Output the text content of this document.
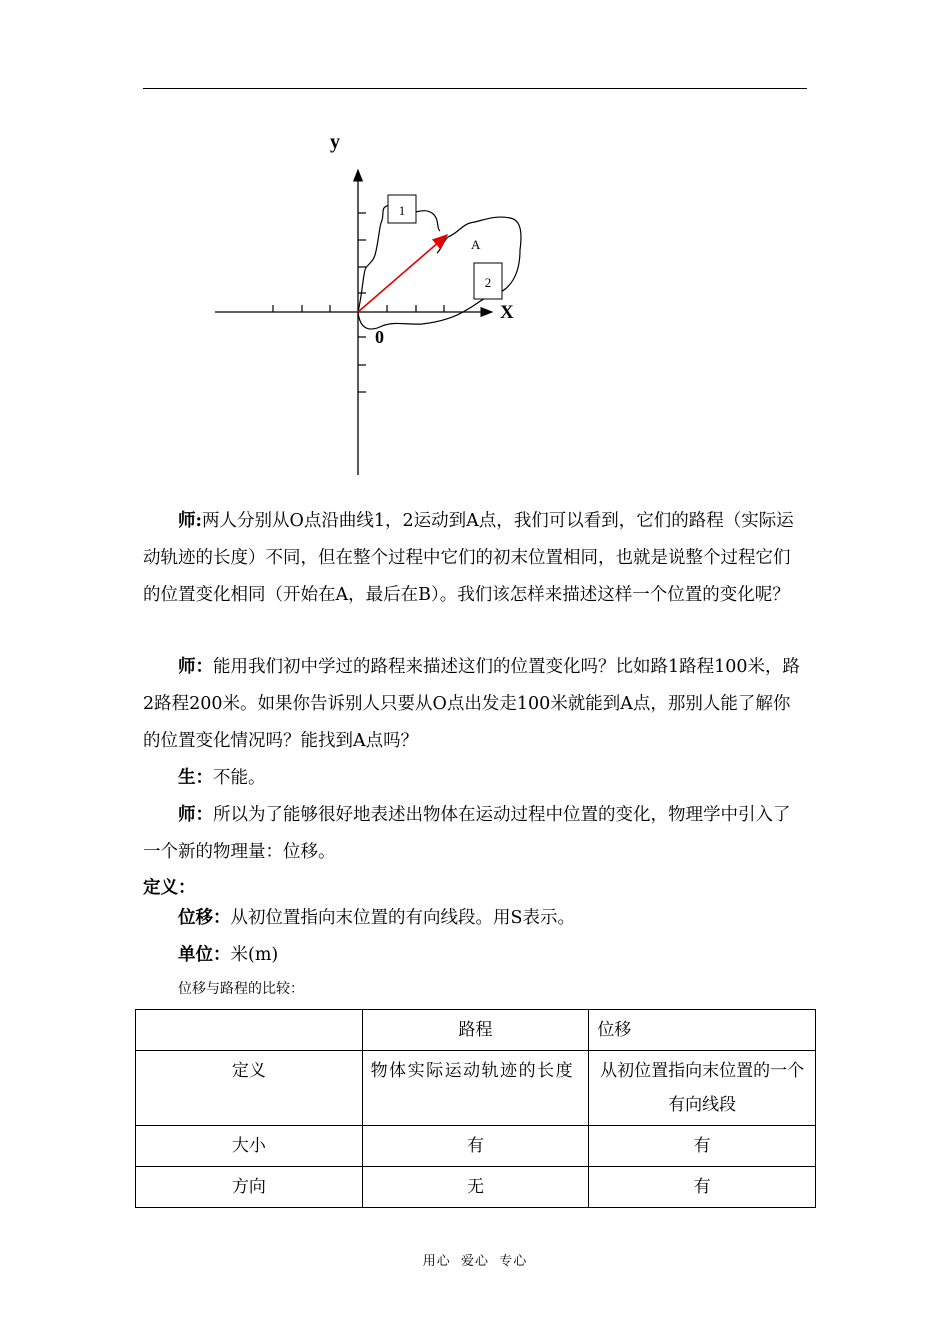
1
2
A
y
X
0

师:两人分别从O点沿曲线1，2运动到A点，我们可以看到，它们的路程（实际运动轨迹的长度）不同，但在整个过程中它们的初末位置相同，也就是说整个过程它们的位置变化相同（开始在A，最后在B）。我们该怎样来描述这样一个位置的变化呢？

师：能用我们初中学过的路程来描述这们的位置变化吗？比如路1路程100米，路2路程200米。如果你告诉别人只要从O点出发走100米就能到A点，那别人能了解你的位置变化情况吗？能找到A点吗？

生：不能。

师：所以为了能够很好地表述出物体在运动过程中位置的变化，物理学中引入了一个新的物理量：位移。

定义：

位移：从初位置指向末位置的有向线段。用S表示。

单位：米(m)

位移与路程的比较：

	路程	位移
定义	物体实际运动轨迹的长度	从初位置指向末位置的一个有向线段
大小	有	有
方向	无	有
用心  爱心  专心
